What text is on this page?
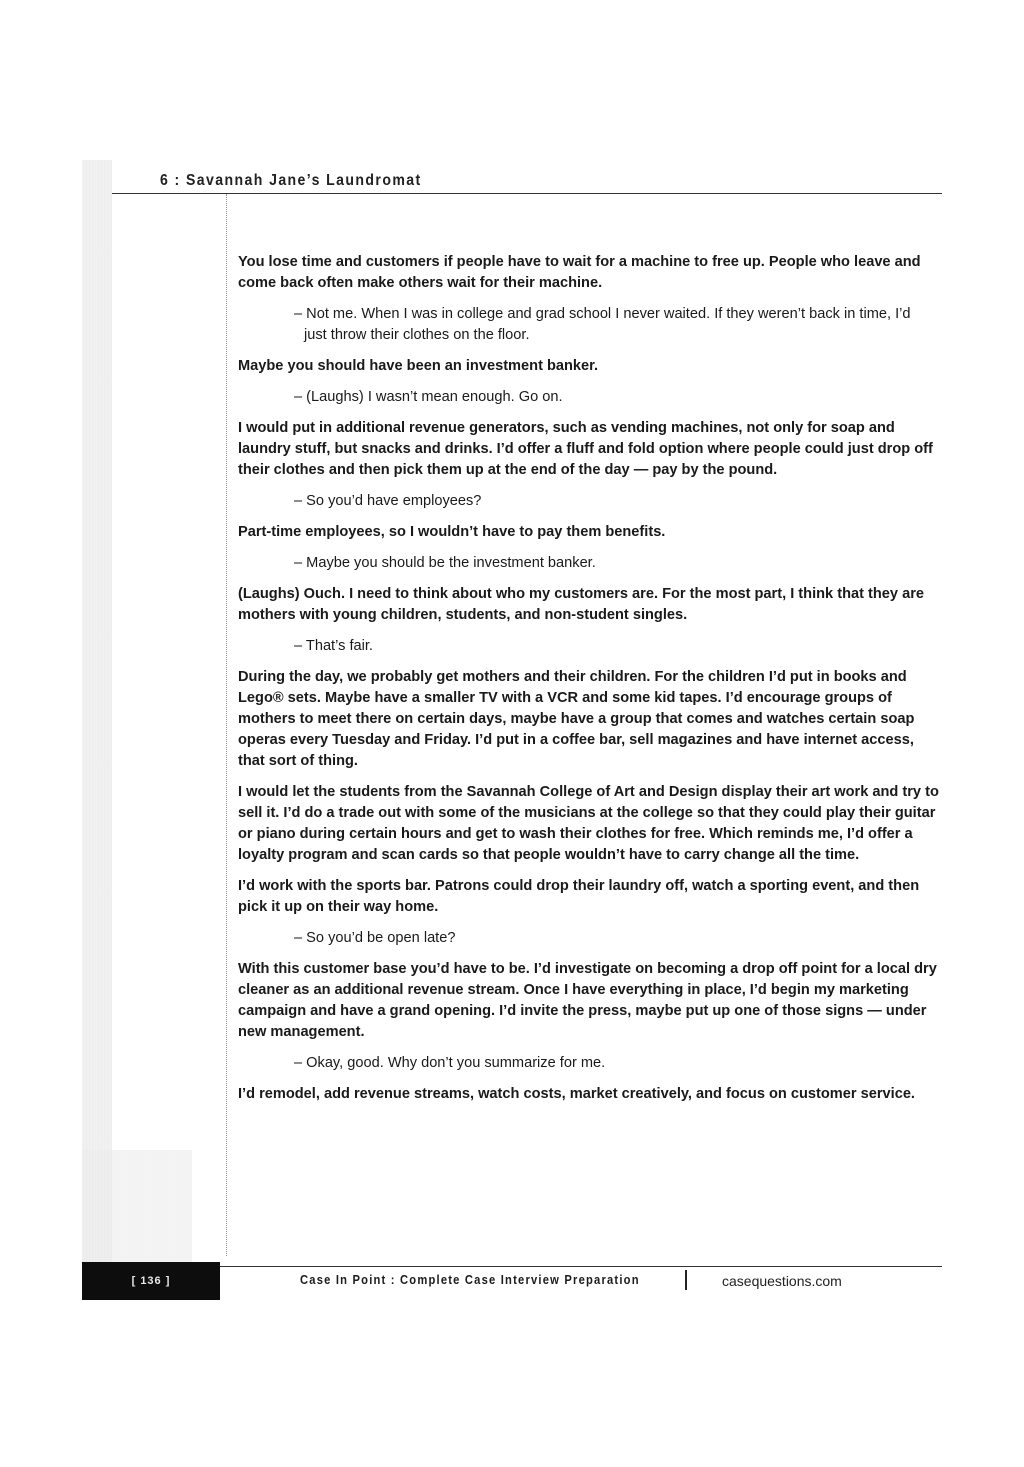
6 : Savannah Jane’s Laundromat

You lose time and customers if people have to wait for a machine to free up. People who leave and come back often make others wait for their machine.

– Not me. When I was in college and grad school I never waited. If they weren’t back in time, I’d just throw their clothes on the floor.

Maybe you should have been an investment banker.

– (Laughs) I wasn’t mean enough. Go on.

I would put in additional revenue generators, such as vending machines, not only for soap and laundry stuff, but snacks and drinks. I’d offer a fluff and fold option where people could just drop off their clothes and then pick them up at the end of the day — pay by the pound.

– So you’d have employees?

Part-time employees, so I wouldn’t have to pay them benefits.

– Maybe you should be the investment banker.

(Laughs) Ouch. I need to think about who my customers are. For the most part, I think that they are mothers with young children, students, and non-student singles.

– That’s fair.

During the day, we probably get mothers and their children. For the children I’d put in books and Lego® sets. Maybe have a smaller TV with a VCR and some kid tapes. I’d encourage groups of mothers to meet there on certain days, maybe have a group that comes and watches certain soap operas every Tuesday and Friday. I’d put in a coffee bar, sell magazines and have internet access, that sort of thing.

I would let the students from the Savannah College of Art and Design display their art work and try to sell it. I’d do a trade out with some of the musicians at the college so that they could play their guitar or piano during certain hours and get to wash their clothes for free. Which reminds me, I’d offer a loyalty program and scan cards so that people wouldn’t have to carry change all the time.

I’d work with the sports bar. Patrons could drop their laundry off, watch a sporting event, and then pick it up on their way home.

– So you’d be open late?

With this customer base you’d have to be. I’d investigate on becoming a drop off point for a local dry cleaner as an additional revenue stream. Once I have everything in place, I’d begin my marketing campaign and have a grand opening. I’d invite the press, maybe put up one of those signs — under new management.

– Okay, good. Why don’t you summarize for me.

I’d remodel, add revenue streams, watch costs, market creatively, and focus on customer service.

[ 136 ]	Case In Point : Complete Case Interview Preparation	casequestions.com
